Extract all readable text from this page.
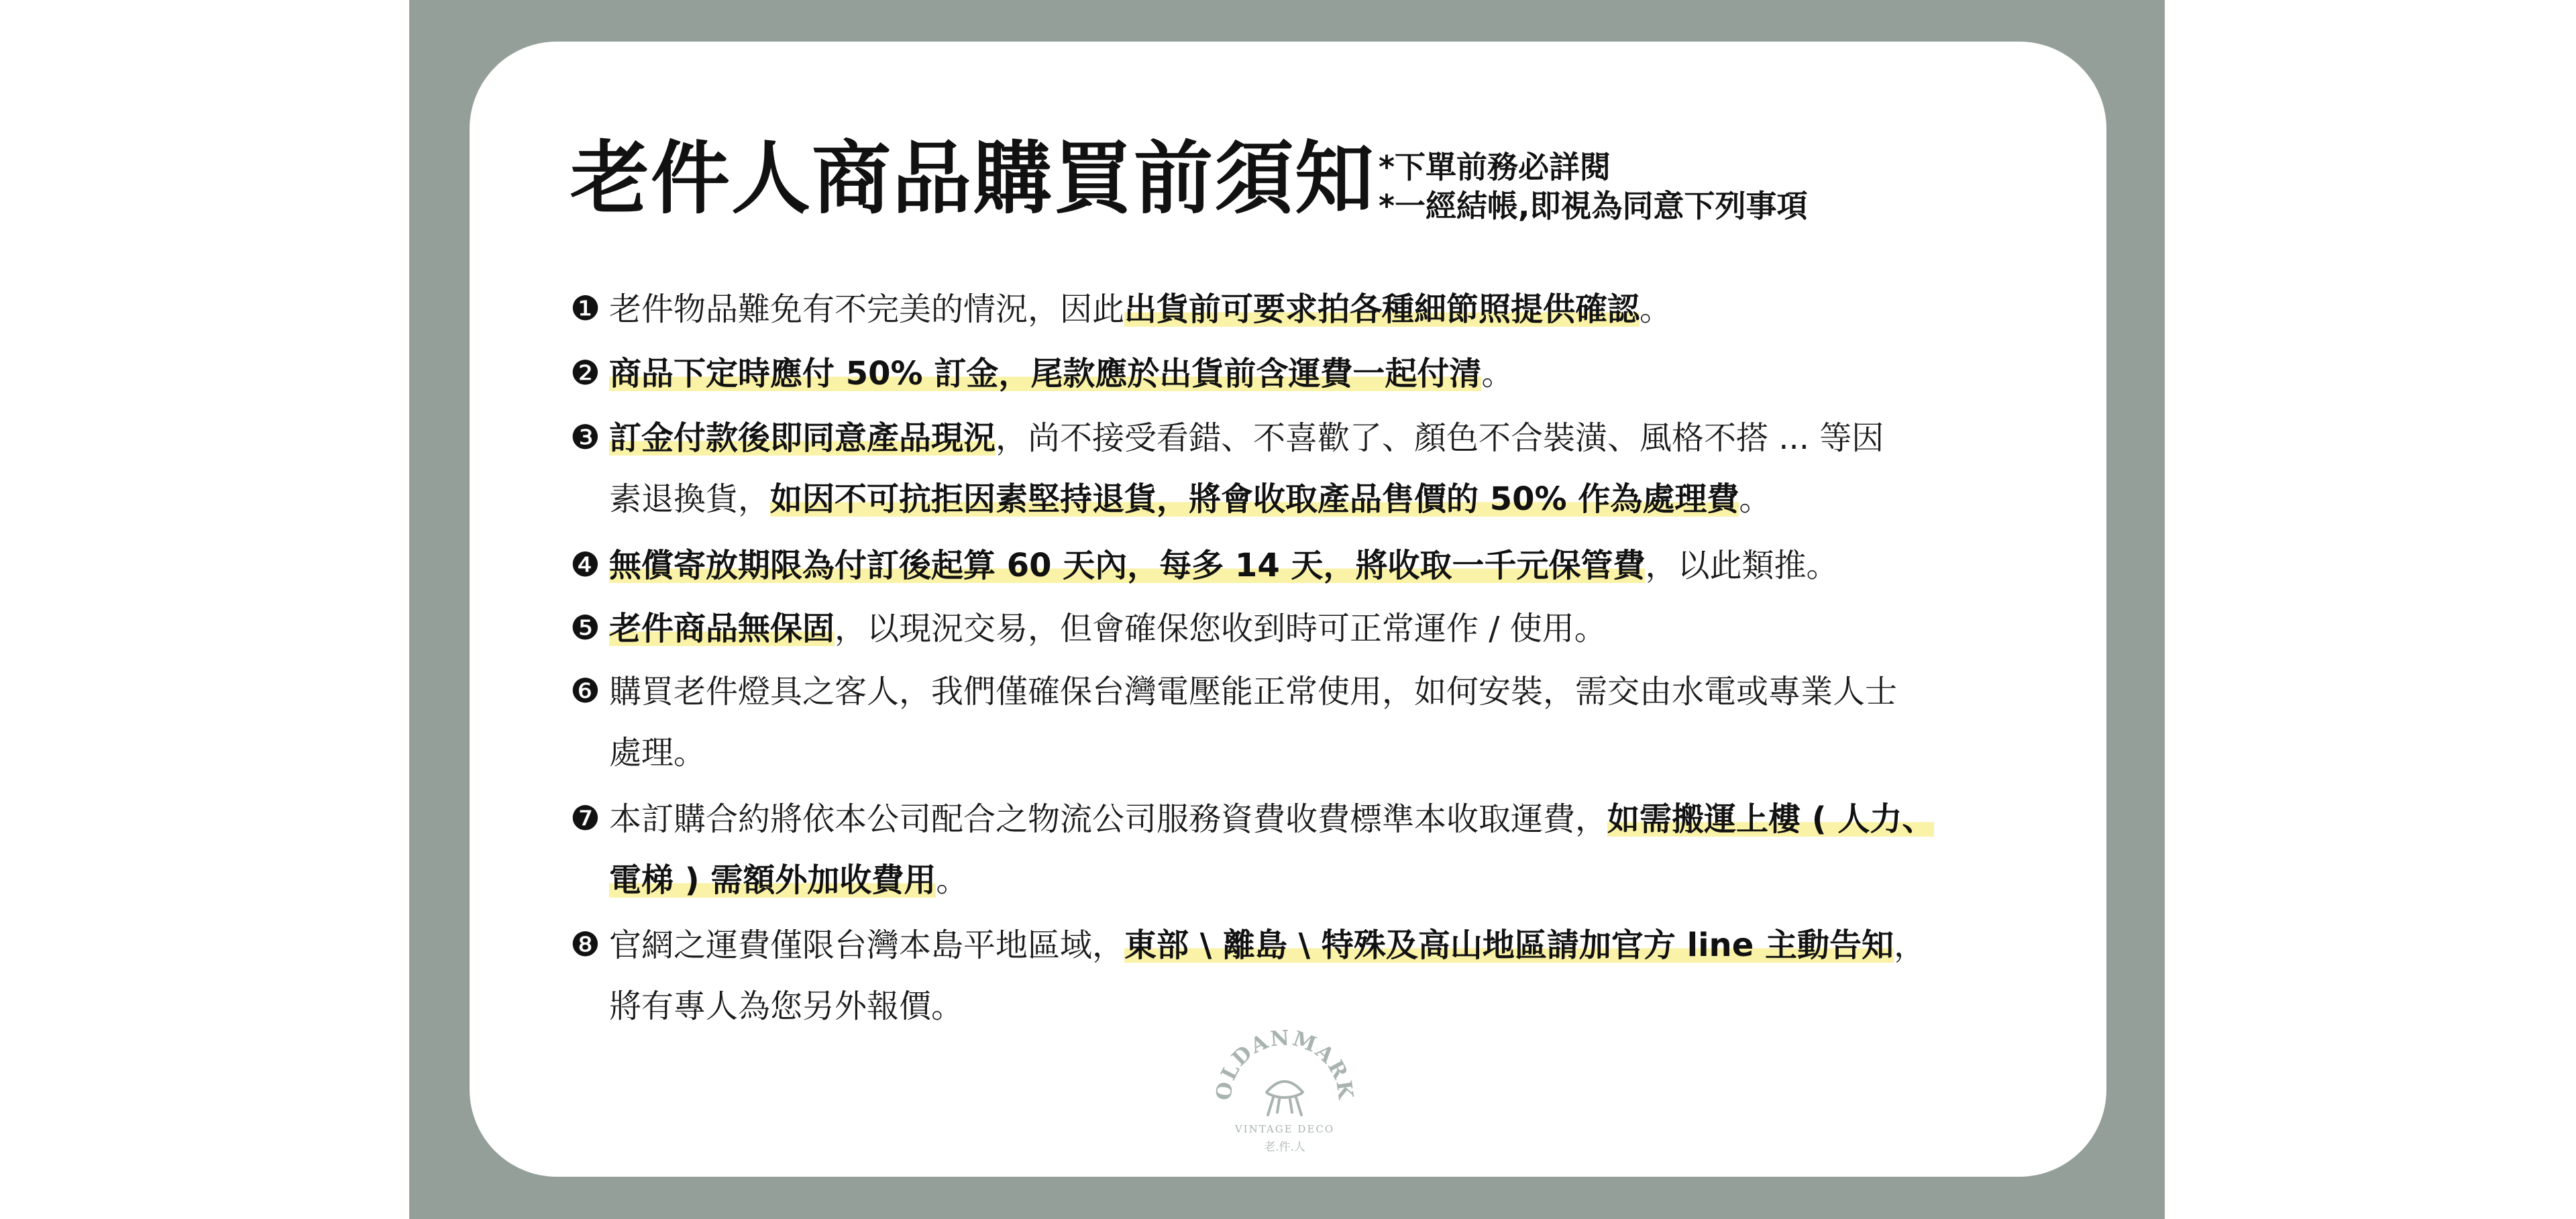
老件人商品購買前須知 *下單前務必詳閱
*一經結帳,即視為同意下列事項
❶ 老件物品難免有不完美的情況，因此出貨前可要求拍各種細節照提供確認。
❷ 商品下定時應付 50% 訂金，尾款應於出貨前含運費一起付清。
❸ 訂金付款後即同意產品現況，尚不接受看錯、不喜歡了、顏色不合裝潢、風格不搭 ... 等因
素退換貨，如因不可抗拒因素堅持退貨，將會收取產品售價的 50% 作為處理費。
❹ 無償寄放期限為付訂後起算 60 天內，每多 14 天，將收取一千元保管費，以此類推。
❺ 老件商品無保固，以現況交易，但會確保您收到時可正常運作 / 使用。
❻ 購買老件燈具之客人，我們僅確保台灣電壓能正常使用，如何安裝，需交由水電或專業人士
處理。
❼ 本訂購合約將依本公司配合之物流公司服務資費收費標準本收取運費，如需搬運上樓 ( 人力、
電梯 ) 需額外加收費用。
❽ 官網之運費僅限台灣本島平地區域，東部 \ 離島 \ 特殊及高山地區請加官方 line 主動告知，
將有專人為您另外報價。
OLDANMARK
VINTAGE DECO
老.件.人
